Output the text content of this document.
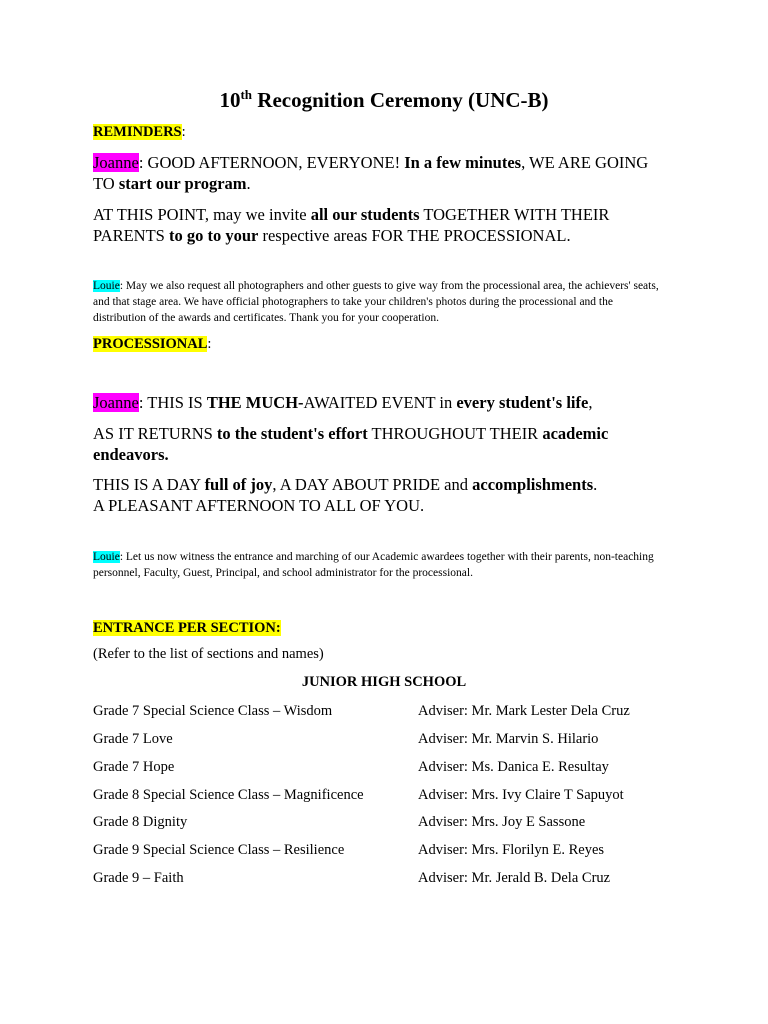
10th Recognition Ceremony (UNC-B)
REMINDERS:
Joanne: GOOD AFTERNOON, EVERYONE! In a few minutes, WE ARE GOING TO start our program.
AT THIS POINT, may we invite all our students TOGETHER WITH THEIR PARENTS to go to your respective areas FOR THE PROCESSIONAL.
Louie: May we also request all photographers and other guests to give way from the processional area, the achievers' seats, and that stage area. We have official photographers to take your children's photos during the processional and the distribution of the awards and certificates. Thank you for your cooperation.
PROCESSIONAL:
Joanne: THIS IS THE MUCH-AWAITED EVENT in every student's life,
AS IT RETURNS to the student's effort THROUGHOUT THEIR academic endeavors.
THIS IS A DAY full of joy, A DAY ABOUT PRIDE and accomplishments.
A PLEASANT AFTERNOON TO ALL OF YOU.
Louie: Let us now witness the entrance and marching of our Academic awardees together with their parents, non-teaching personnel, Faculty, Guest, Principal, and school administrator for the processional.
ENTRANCE PER SECTION:
(Refer to the list of sections and names)
JUNIOR HIGH SCHOOL
Grade 7 Special Science Class – Wisdom	Adviser: Mr. Mark Lester Dela Cruz
Grade 7 Love	Adviser: Mr. Marvin S. Hilario
Grade 7 Hope	Adviser: Ms. Danica E. Resultay
Grade 8 Special Science Class – Magnificence	Adviser: Mrs. Ivy Claire T Sapuyot
Grade 8 Dignity	Adviser: Mrs. Joy E Sassone
Grade 9 Special Science Class – Resilience	Adviser: Mrs. Florilyn E. Reyes
Grade 9 – Faith	Adviser: Mr. Jerald B. Dela Cruz
